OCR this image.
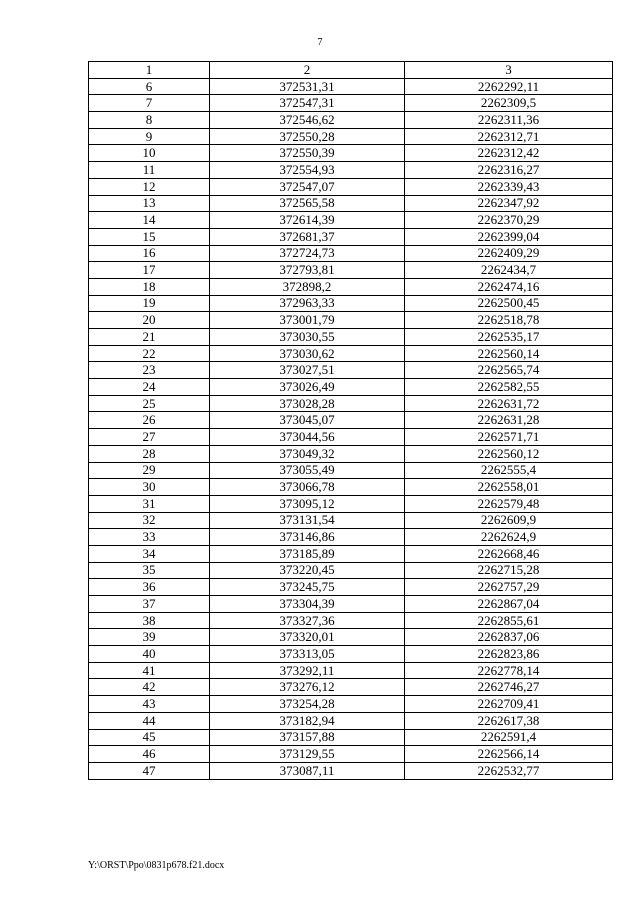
7
1	2	3
6	372531,31	2262292,11
7	372547,31	2262309,5
8	372546,62	2262311,36
9	372550,28	2262312,71
10	372550,39	2262312,42
11	372554,93	2262316,27
12	372547,07	2262339,43
13	372565,58	2262347,92
14	372614,39	2262370,29
15	372681,37	2262399,04
16	372724,73	2262409,29
17	372793,81	2262434,7
18	372898,2	2262474,16
19	372963,33	2262500,45
20	373001,79	2262518,78
21	373030,55	2262535,17
22	373030,62	2262560,14
23	373027,51	2262565,74
24	373026,49	2262582,55
25	373028,28	2262631,72
26	373045,07	2262631,28
27	373044,56	2262571,71
28	373049,32	2262560,12
29	373055,49	2262555,4
30	373066,78	2262558,01
31	373095,12	2262579,48
32	373131,54	2262609,9
33	373146,86	2262624,9
34	373185,89	2262668,46
35	373220,45	2262715,28
36	373245,75	2262757,29
37	373304,39	2262867,04
38	373327,36	2262855,61
39	373320,01	2262837,06
40	373313,05	2262823,86
41	373292,11	2262778,14
42	373276,12	2262746,27
43	373254,28	2262709,41
44	373182,94	2262617,38
45	373157,88	2262591,4
46	373129,55	2262566,14
47	373087,11	2262532,77
Y:\ORST\Ppo\0831p678.f21.docx
